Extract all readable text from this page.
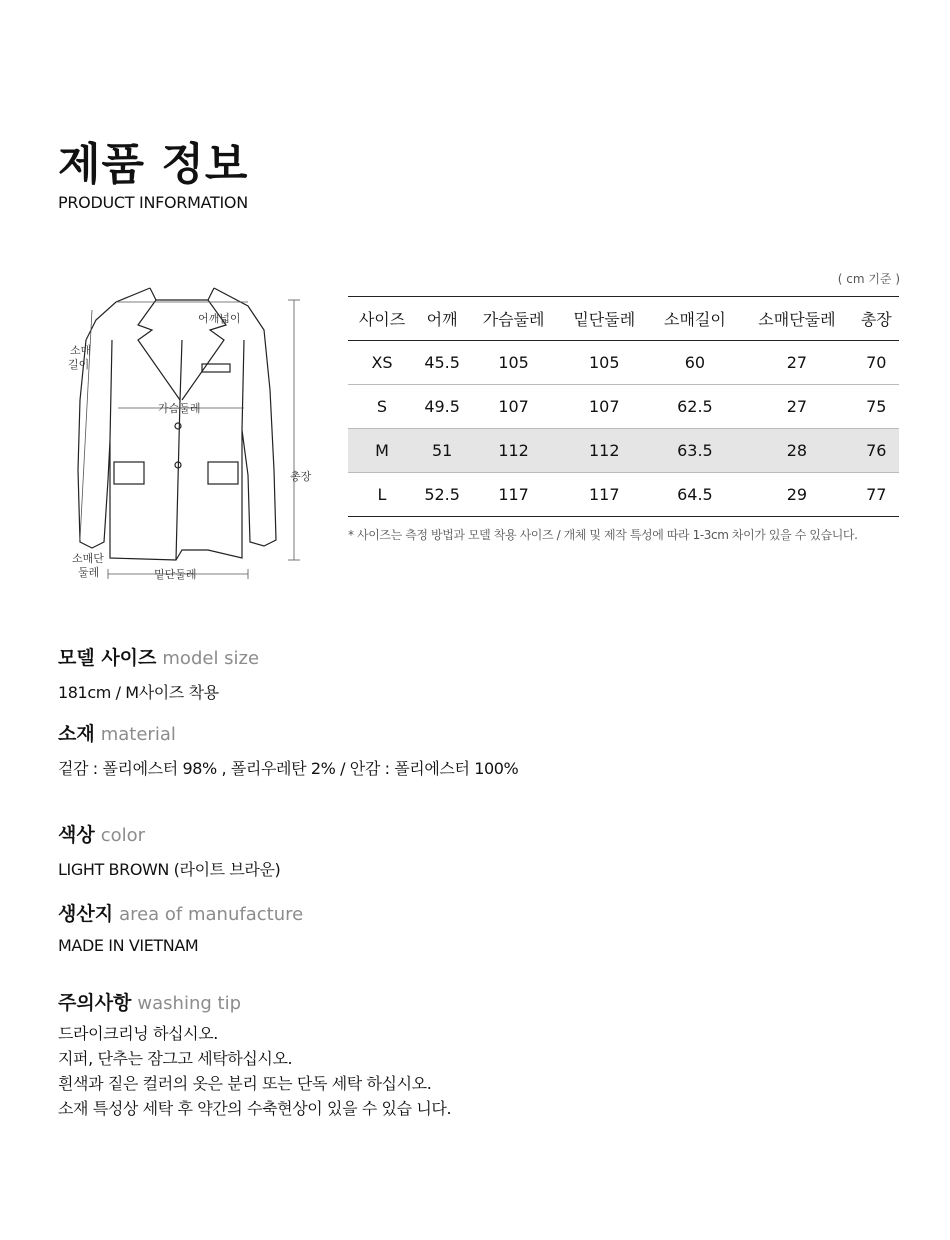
제품 정보
PRODUCT INFORMATION
어깨넓이
소매
길이
가슴둘레
총장
소매단
둘레	밑단둘레
( cm 기준 )
사이즈	어깨	가슴둘레	밑단둘레	소매길이	소매단둘레	총장
XS	45.5	105	105	60	27	70
S	49.5	107	107	62.5	27	75
M	51	112	112	63.5	28	76
L	52.5	117	117	64.5	29	77
* 사이즈는 측정 방법과 모델 착용 사이즈 / 개체 및 제작 특성에 따라 1-3cm 차이가 있을 수 있습니다.
모델 사이즈 model size
181cm / M사이즈 착용
소재 material
겉감 : 폴리에스터 98% , 폴리우레탄 2% / 안감 : 폴리에스터 100%
색상 color
LIGHT BROWN (라이트 브라운)
생산지 area of manufacture
MADE IN VIETNAM
주의사항 washing tip
드라이크리닝 하십시오.
지퍼, 단추는 잠그고 세탁하십시오.
흰색과 짙은 컬러의 옷은 분리 또는 단독 세탁 하십시오.
소재 특성상 세탁 후 약간의 수축현상이 있을 수 있습 니다.
